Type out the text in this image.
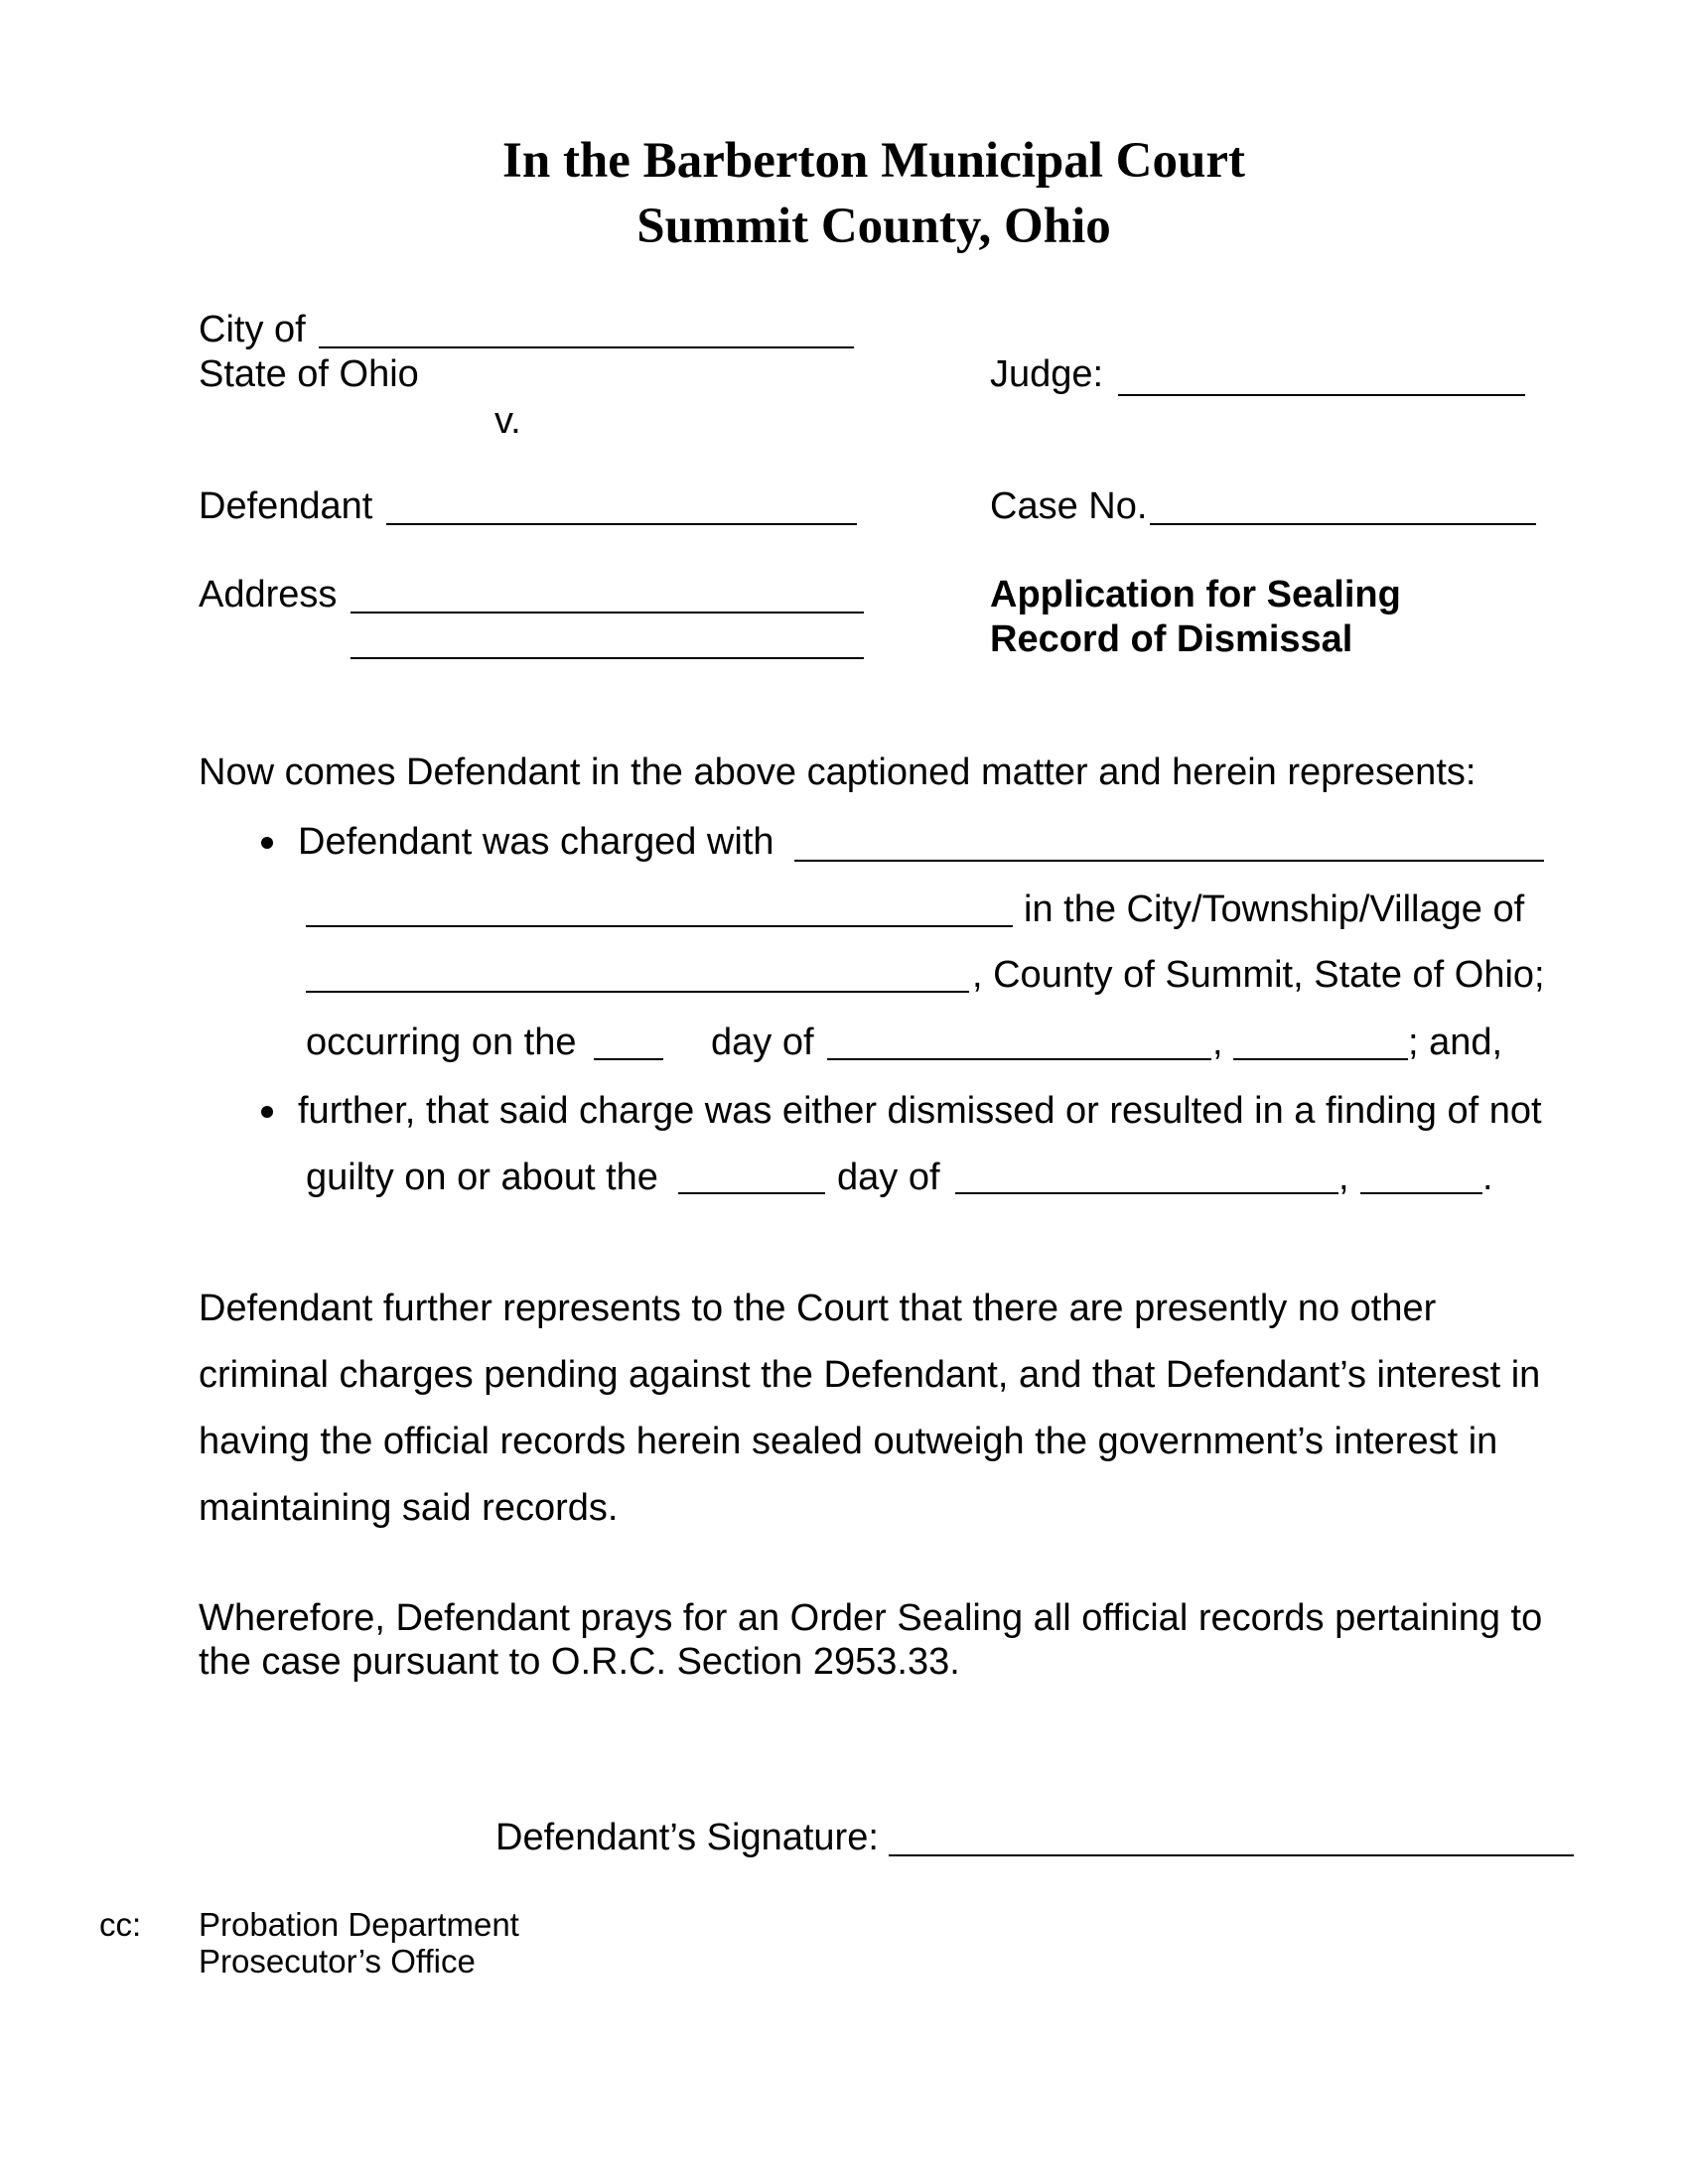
In the Barberton Municipal Court
Summit County, Ohio
City of
State of Ohio
v.
Defendant
Address
Judge:
Case No.
Application for Sealing
Record of Dismissal
Now comes Defendant in the above captioned matter and herein represents:
Defendant was charged with
in the City/Township/Village of
, County of Summit, State of Ohio;
occurring on the	day of	,	; and,
further, that said charge was either dismissed or resulted in a finding of not
guilty on or about the	day of	,	.
Defendant further represents to the Court that there are presently no other
criminal charges pending against the Defendant, and that Defendant’s interest in
having the official records herein sealed outweigh the government’s interest in
maintaining said records.
Wherefore, Defendant prays for an Order Sealing all official records pertaining to
the case pursuant to O.R.C. Section 2953.33.
Defendant’s Signature:
cc: Probation Department
Prosecutor’s Office
